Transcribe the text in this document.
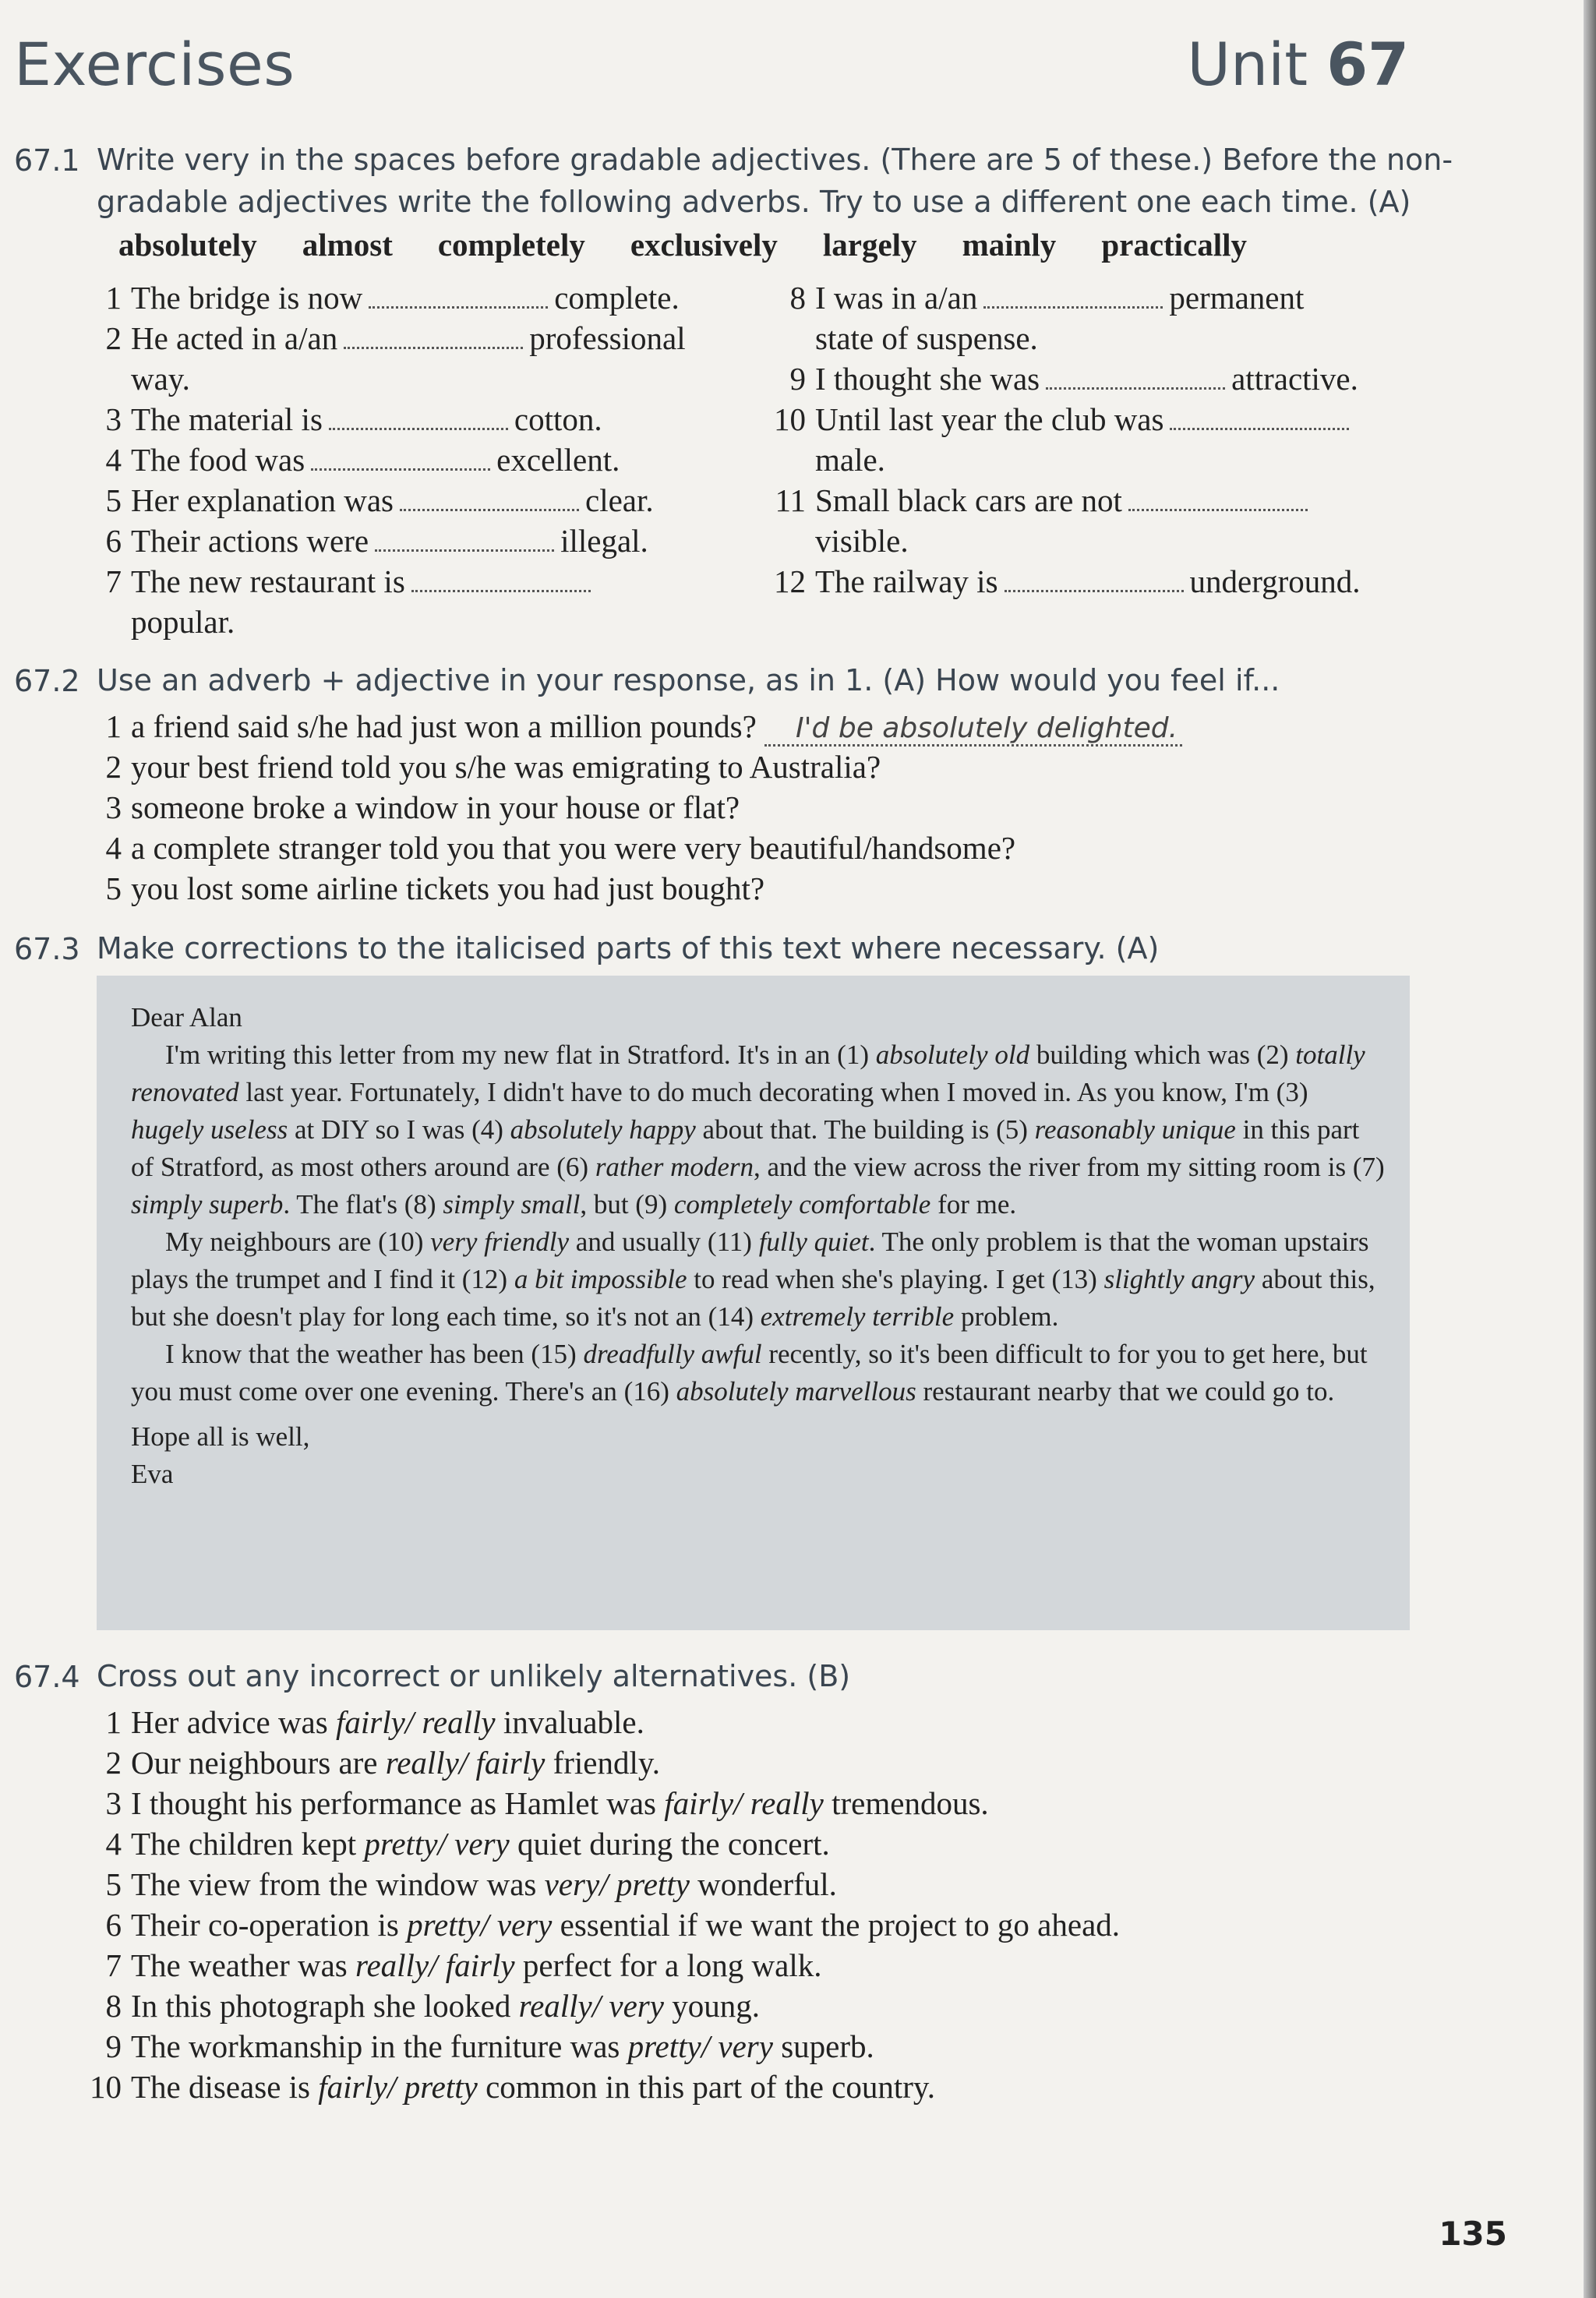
Exercises	Unit 67
67.1 Write very in the spaces before gradable adjectives. (There are 5 of these.) Before the non-
gradable adjectives write the following adverbs. Try to use a different one each time. (A)
absolutely almost completely exclusively largely mainly practically
1 The bridge is now	complete.
2 He acted in a/an	professional
way.
3 The material is	cotton.
4 The food was	excellent.
5 Her explanation was	clear.
6 Their actions were	illegal.
7 The new restaurant is
popular.
8 I was in a/an	permanent
state of suspense.
9 I thought she was	attractive.
10 Until last year the club was
male.
11 Small black cars are not
visible.
12 The railway is	underground.
67.2 Use an adverb + adjective in your response, as in 1. (A) How would you feel if...
1 a friend said s/he had just won a million pounds? I'd be absolutely delighted.
2 your best friend told you s/he was emigrating to Australia?
3 someone broke a window in your house or flat?
4 a complete stranger told you that you were very beautiful/handsome?
5 you lost some airline tickets you had just bought?
67.3 Make corrections to the italicised parts of this text where necessary. (A)

Dear Alan

I'm writing this letter from my new flat in Stratford. It's in an (1) absolutely old building which was (2) totally renovated last year. Fortunately, I didn't have to do much decorating when I moved in. As you know, I'm (3) hugely useless at DIY so I was (4) absolutely happy about that. The building is (5) reasonably unique in this part of Stratford, as most others around are (6) rather modern, and the view across the river from my sitting room is (7) simply superb. The flat's (8) simply small, but (9) completely comfortable for me.

My neighbours are (10) very friendly and usually (11) fully quiet. The only problem is that the woman upstairs plays the trumpet and I find it (12) a bit impossible to read when she's playing. I get (13) slightly angry about this, but she doesn't play for long each time, so it's not an (14) extremely terrible problem.

I know that the weather has been (15) dreadfully awful recently, so it's been difficult to for you to get here, but you must come over one evening. There's an (16) absolutely marvellous restaurant nearby that we could go to.

Hope all is well,

Eva

67.4 Cross out any incorrect or unlikely alternatives. (B)
1 Her advice was fairly/ really invaluable.
2 Our neighbours are really/ fairly friendly.
3 I thought his performance as Hamlet was fairly/ really tremendous.
4 The children kept pretty/ very quiet during the concert.
5 The view from the window was very/ pretty wonderful.
6 Their co-operation is pretty/ very essential if we want the project to go ahead.
7 The weather was really/ fairly perfect for a long walk.
8 In this photograph she looked really/ very young.
9 The workmanship in the furniture was pretty/ very superb.
10 The disease is fairly/ pretty common in this part of the country.
135
